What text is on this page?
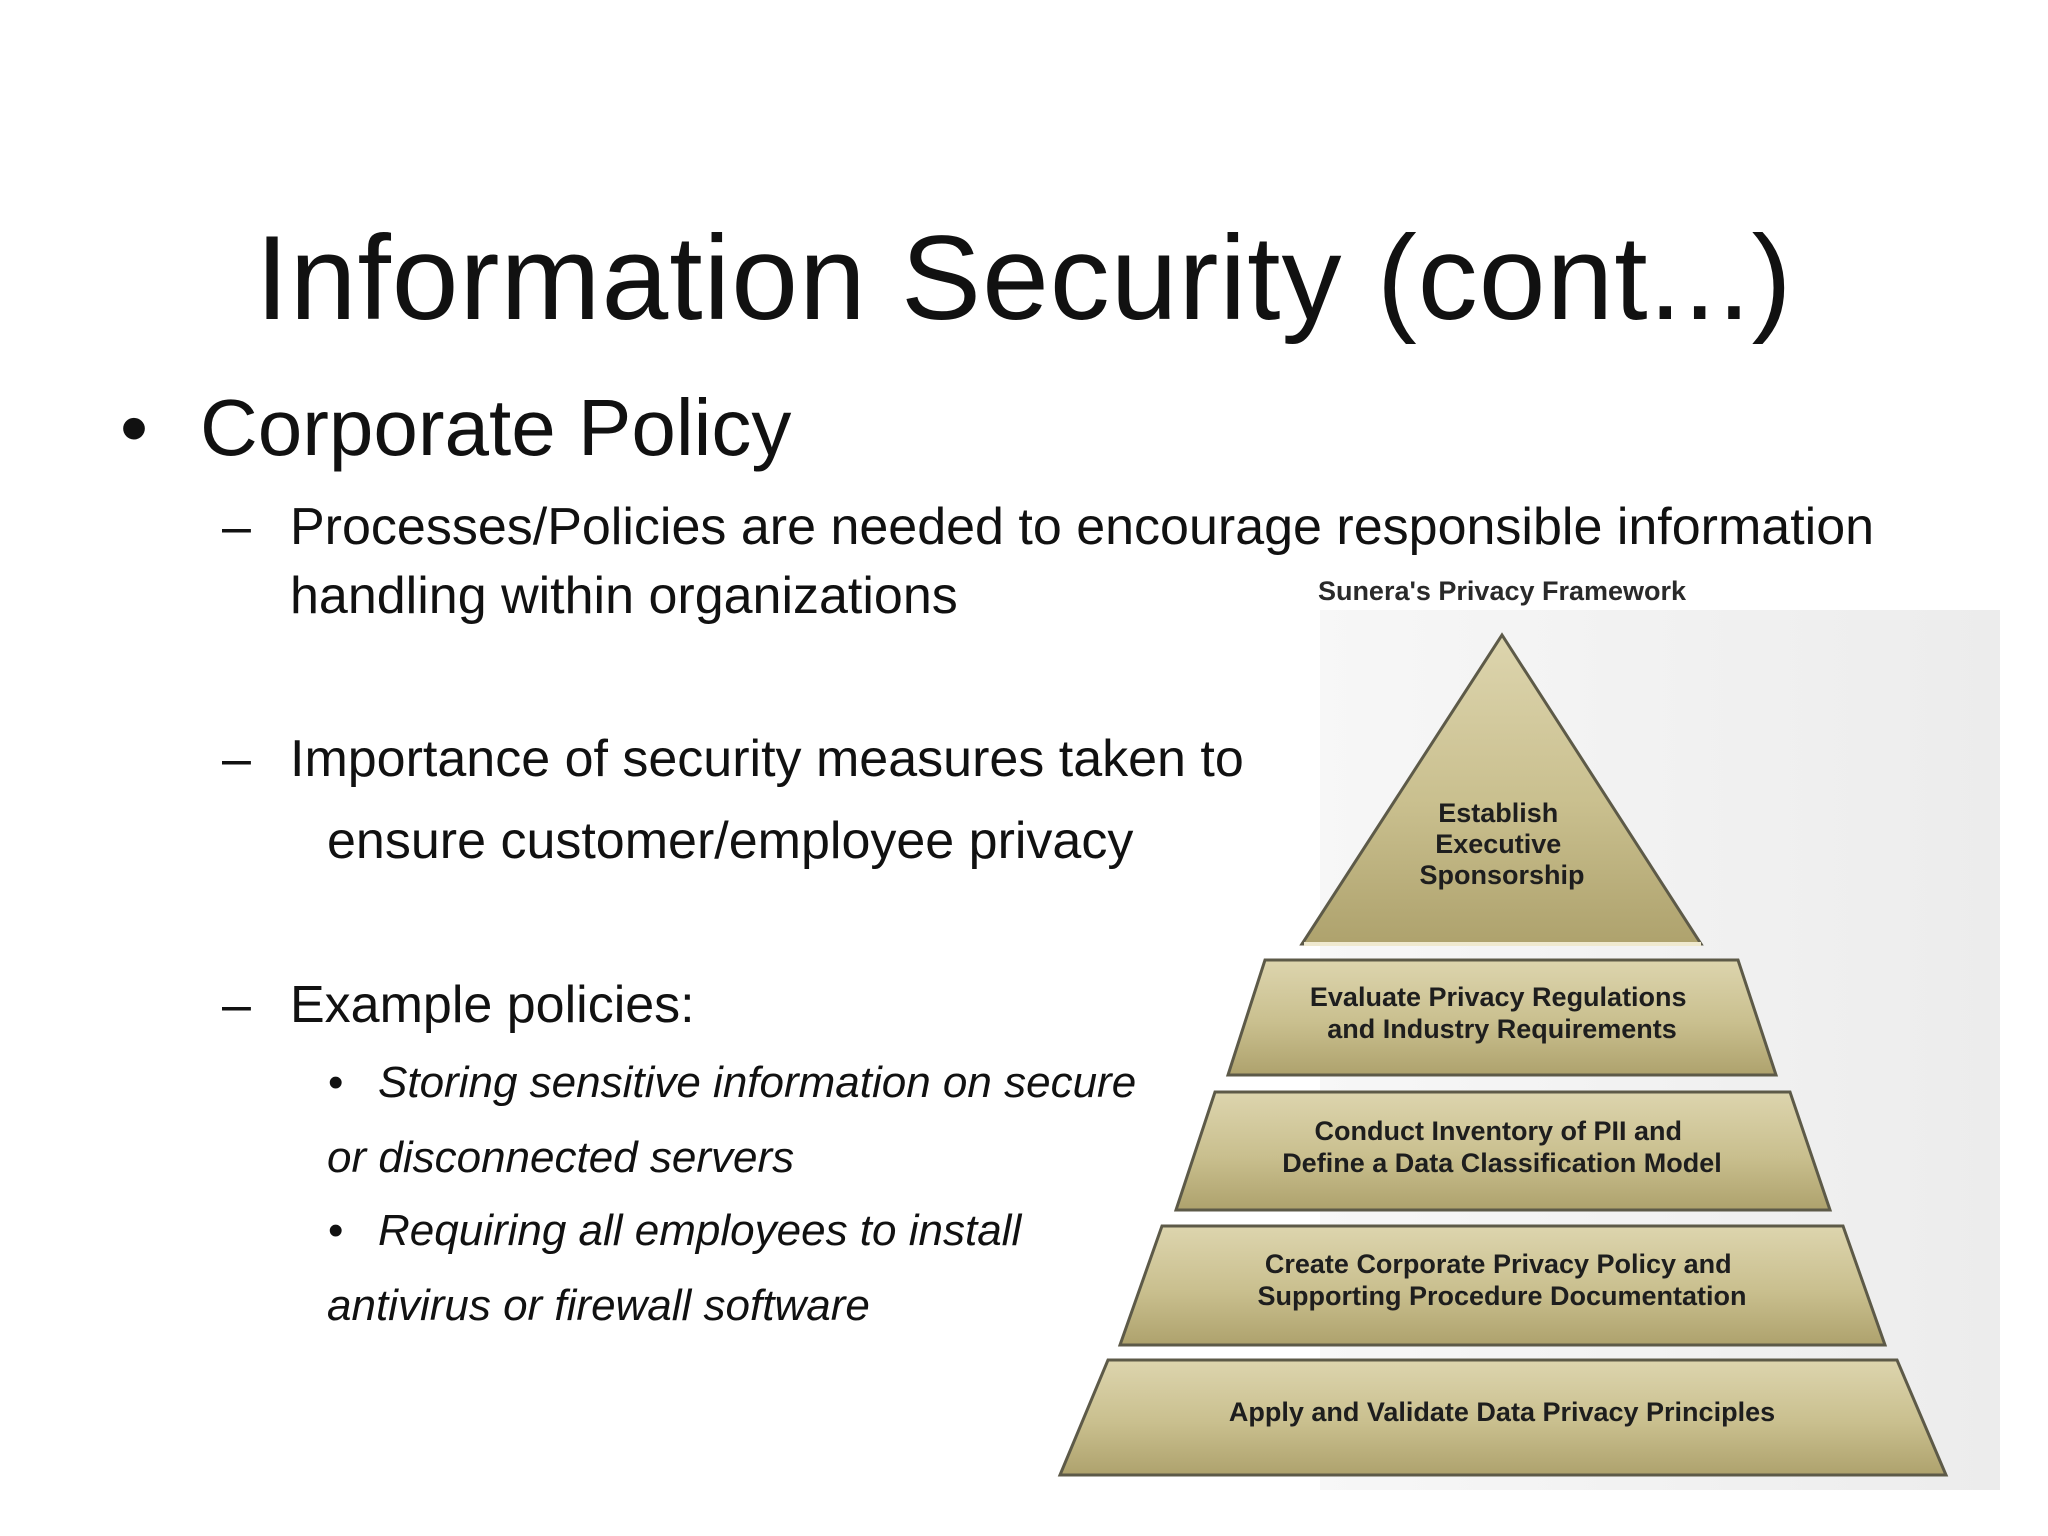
Information Security (cont...)
• Corporate Policy
– Processes/Policies are needed to encourage responsible information
handling within organizations
– Importance of security measures taken to
ensure customer/employee privacy
– Example policies:
• Storing sensitive information on secure
or disconnected servers
• Requiring all employees to install
antivirus or firewall software
Sunera's Privacy Framework
Establish Executive Sponsorship
Evaluate Privacy Regulations and Industry Requirements
Conduct Inventory of PII and Define a Data Classification Model
Create Corporate Privacy Policy and Supporting Procedure Documentation
Apply and Validate Data Privacy Principles
